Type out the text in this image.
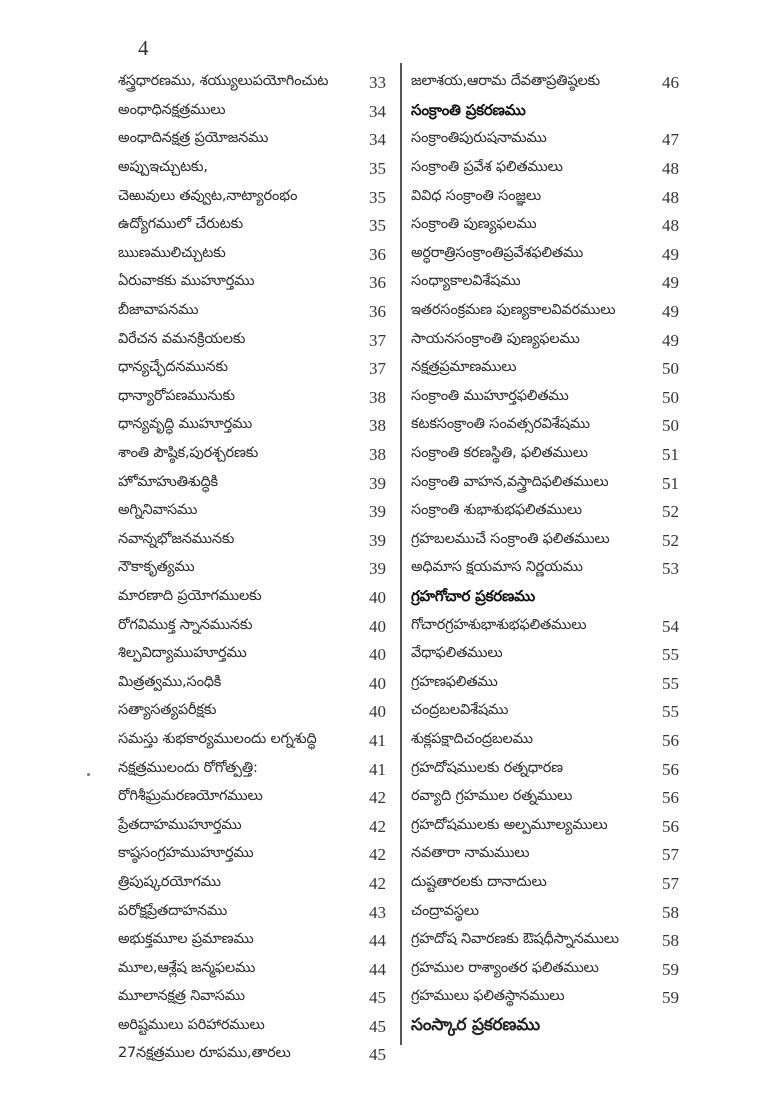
4
శస్త్రధారణము, శయ్యులుపయోగించుట	33
అంధాధినక్షత్రములు	34
అంధాదినక్షత్ర ప్రయోజనము	34
అప్పుఇచ్చుటకు,	35
చెఱువులు తవ్వుట,నాట్యారంభం	35
ఉద్యోగములో చేరుటకు	35
ఋణములిచ్చుటకు	36
ఏరువాకకు ముహూర్తము	36
బీజావాపనము	36
విరేచన వమనక్రియలకు	37
ధాన్యచ్ఛేదనమునకు	37
ధాన్యారోపణమునుకు	38
ధాన్యవృద్ధి ముహూర్తము	38
శాంతి పౌష్ఠిక,పురశ్చరణకు	38
హోమాహుతిశుద్ధికి	39
అగ్నినివాసము	39
నవాన్నభోజనమునకు	39
నౌకాకృత్యము	39
మారణాది ప్రయోగములకు	40
రోగవిముక్త స్నానమునకు	40
శిల్పవిద్యాముహూర్తము	40
మిత్రత్వము,సంధికి	40
సత్యాసత్యపరీక్షకు	40
సమస్తు శుభకార్యములందు లగ్నశుద్ధి	41
నక్షత్రములందు రోగోత్పత్తి:	41
రోగిశీఘ్రమరణయోగములు	42
ప్రేతదాహముహూర్తము	42
కాష్ఠసంగ్రహముహూర్తము	42
త్రిపుష్కరయోగము	42
పరోక్షప్రేతదాహనము	43
అభుక్తమూల ప్రమాణము	44
మూల,ఆశ్లేష జన్మఫలము	44
మూలానక్షత్ర నివాసము	45
అరిష్టములు పరిహారములు	45
27నక్షత్రముల రూపము,తారలు	45
జలాశయ,ఆరామ దేవతాప్రతిష్ఠలకు	46
సంక్రాంతి ప్రకరణము
సంక్రాంతిపురుషనామము	47
సంక్రాంతి ప్రవేశ ఫలితములు	48
వివిధ సంక్రాంతి సంజ్ఞలు	48
సంక్రాంతి పుణ్యఫలము	48
అర్ధరాత్రిసంక్రాంతిప్రవేశఫలితము	49
సంధ్యాకాలవిశేషము	49
ఇతరసంక్రమణ పుణ్యకాలవివరములు	49
సాయనసంక్రాంతి పుణ్యఫలము	49
నక్షత్రప్రమాణములు	50
సంక్రాంతి ముహూర్తఫలితము	50
కటకసంక్రాంతి సంవత్సరవిశేషము	50
సంక్రాంతి కరణస్థితి, ఫలితములు	51
సంక్రాంతి వాహన,వస్త్రాదిఫలితములు	51
సంక్రాంతి శుభాశుభఫలితములు	52
గ్రహబలముచే సంక్రాంతి ఫలితములు	52
అధిమాస క్షయమాస నిర్ణయము	53
గ్రహగోచార ప్రకరణము
గోచారగ్రహశుభాశుభఫలితములు	54
వేధాఫలితములు	55
గ్రహణఫలితము	55
చంద్రబలవిశేషము	55
శుక్లపక్షాదిచంద్రబలము	56
గ్రహదోషములకు రత్నధారణ	56
రవ్యాది గ్రహముల రత్నములు	56
గ్రహదోషములకు అల్పమూల్యములు	56
నవతారా నామములు	57
దుష్టతారలకు దానాదులు	57
చంద్రావస్థలు	58
గ్రహదోష నివారణకు ఔషధీస్నానములు	58
గ్రహముల రాశ్యాంతర ఫలితములు	59
గ్రహములు ఫలితస్థానములు	59
సంస్కార ప్రకరణము
